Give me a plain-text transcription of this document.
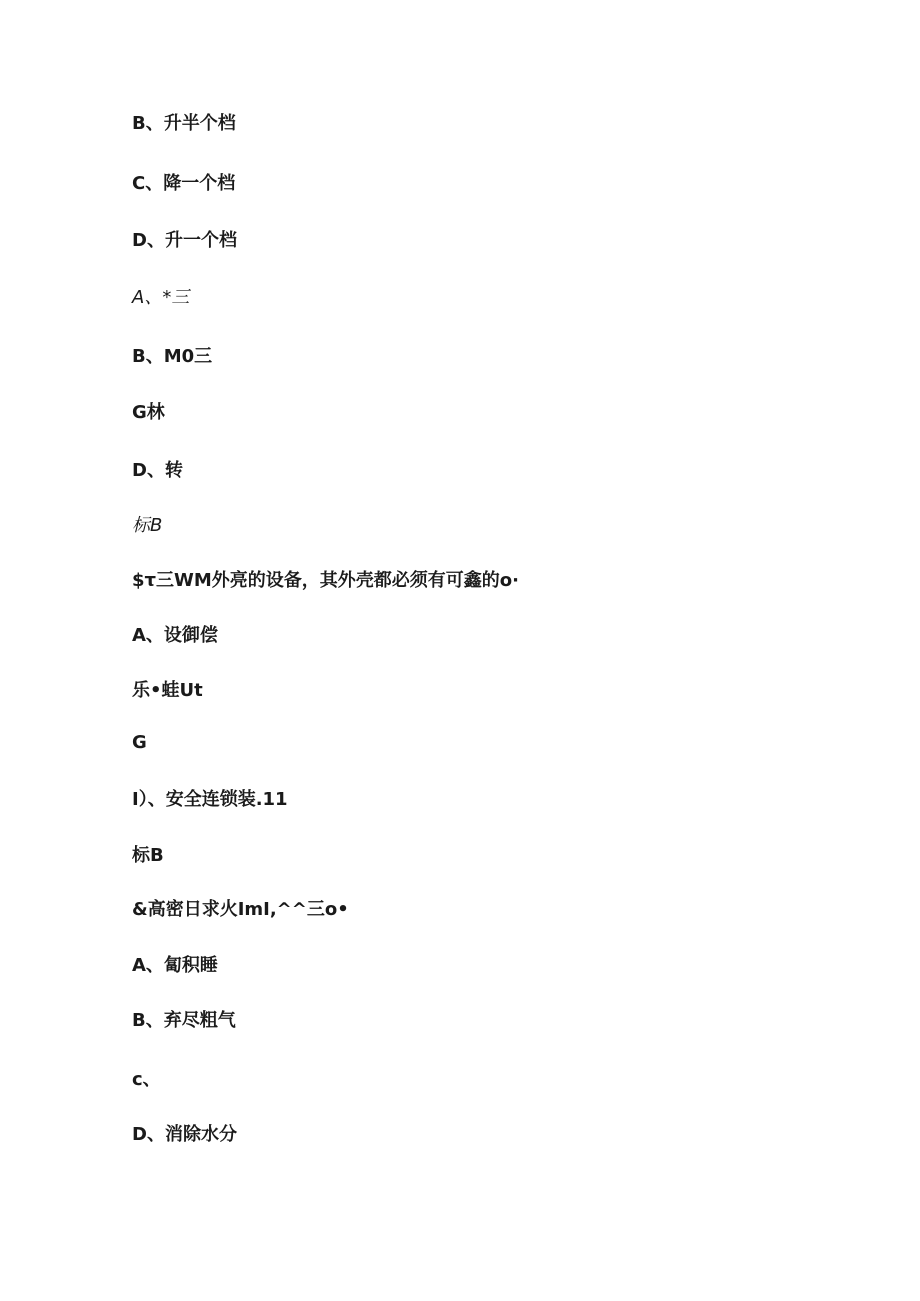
B、升半个档
C、降一个档
D、升一个档
A、*三
B、M0三
G林
D、转
标B
$τ三WM外亮的设备，其外壳都必须有可鑫的o·
A、设御偿
乐•蛙Ut
G
I）、安全连锁装.11
标B
&高密日求火ImI,^^三o•
A、匐积睡
B、弃尽粗气
c、
D、消除水分
